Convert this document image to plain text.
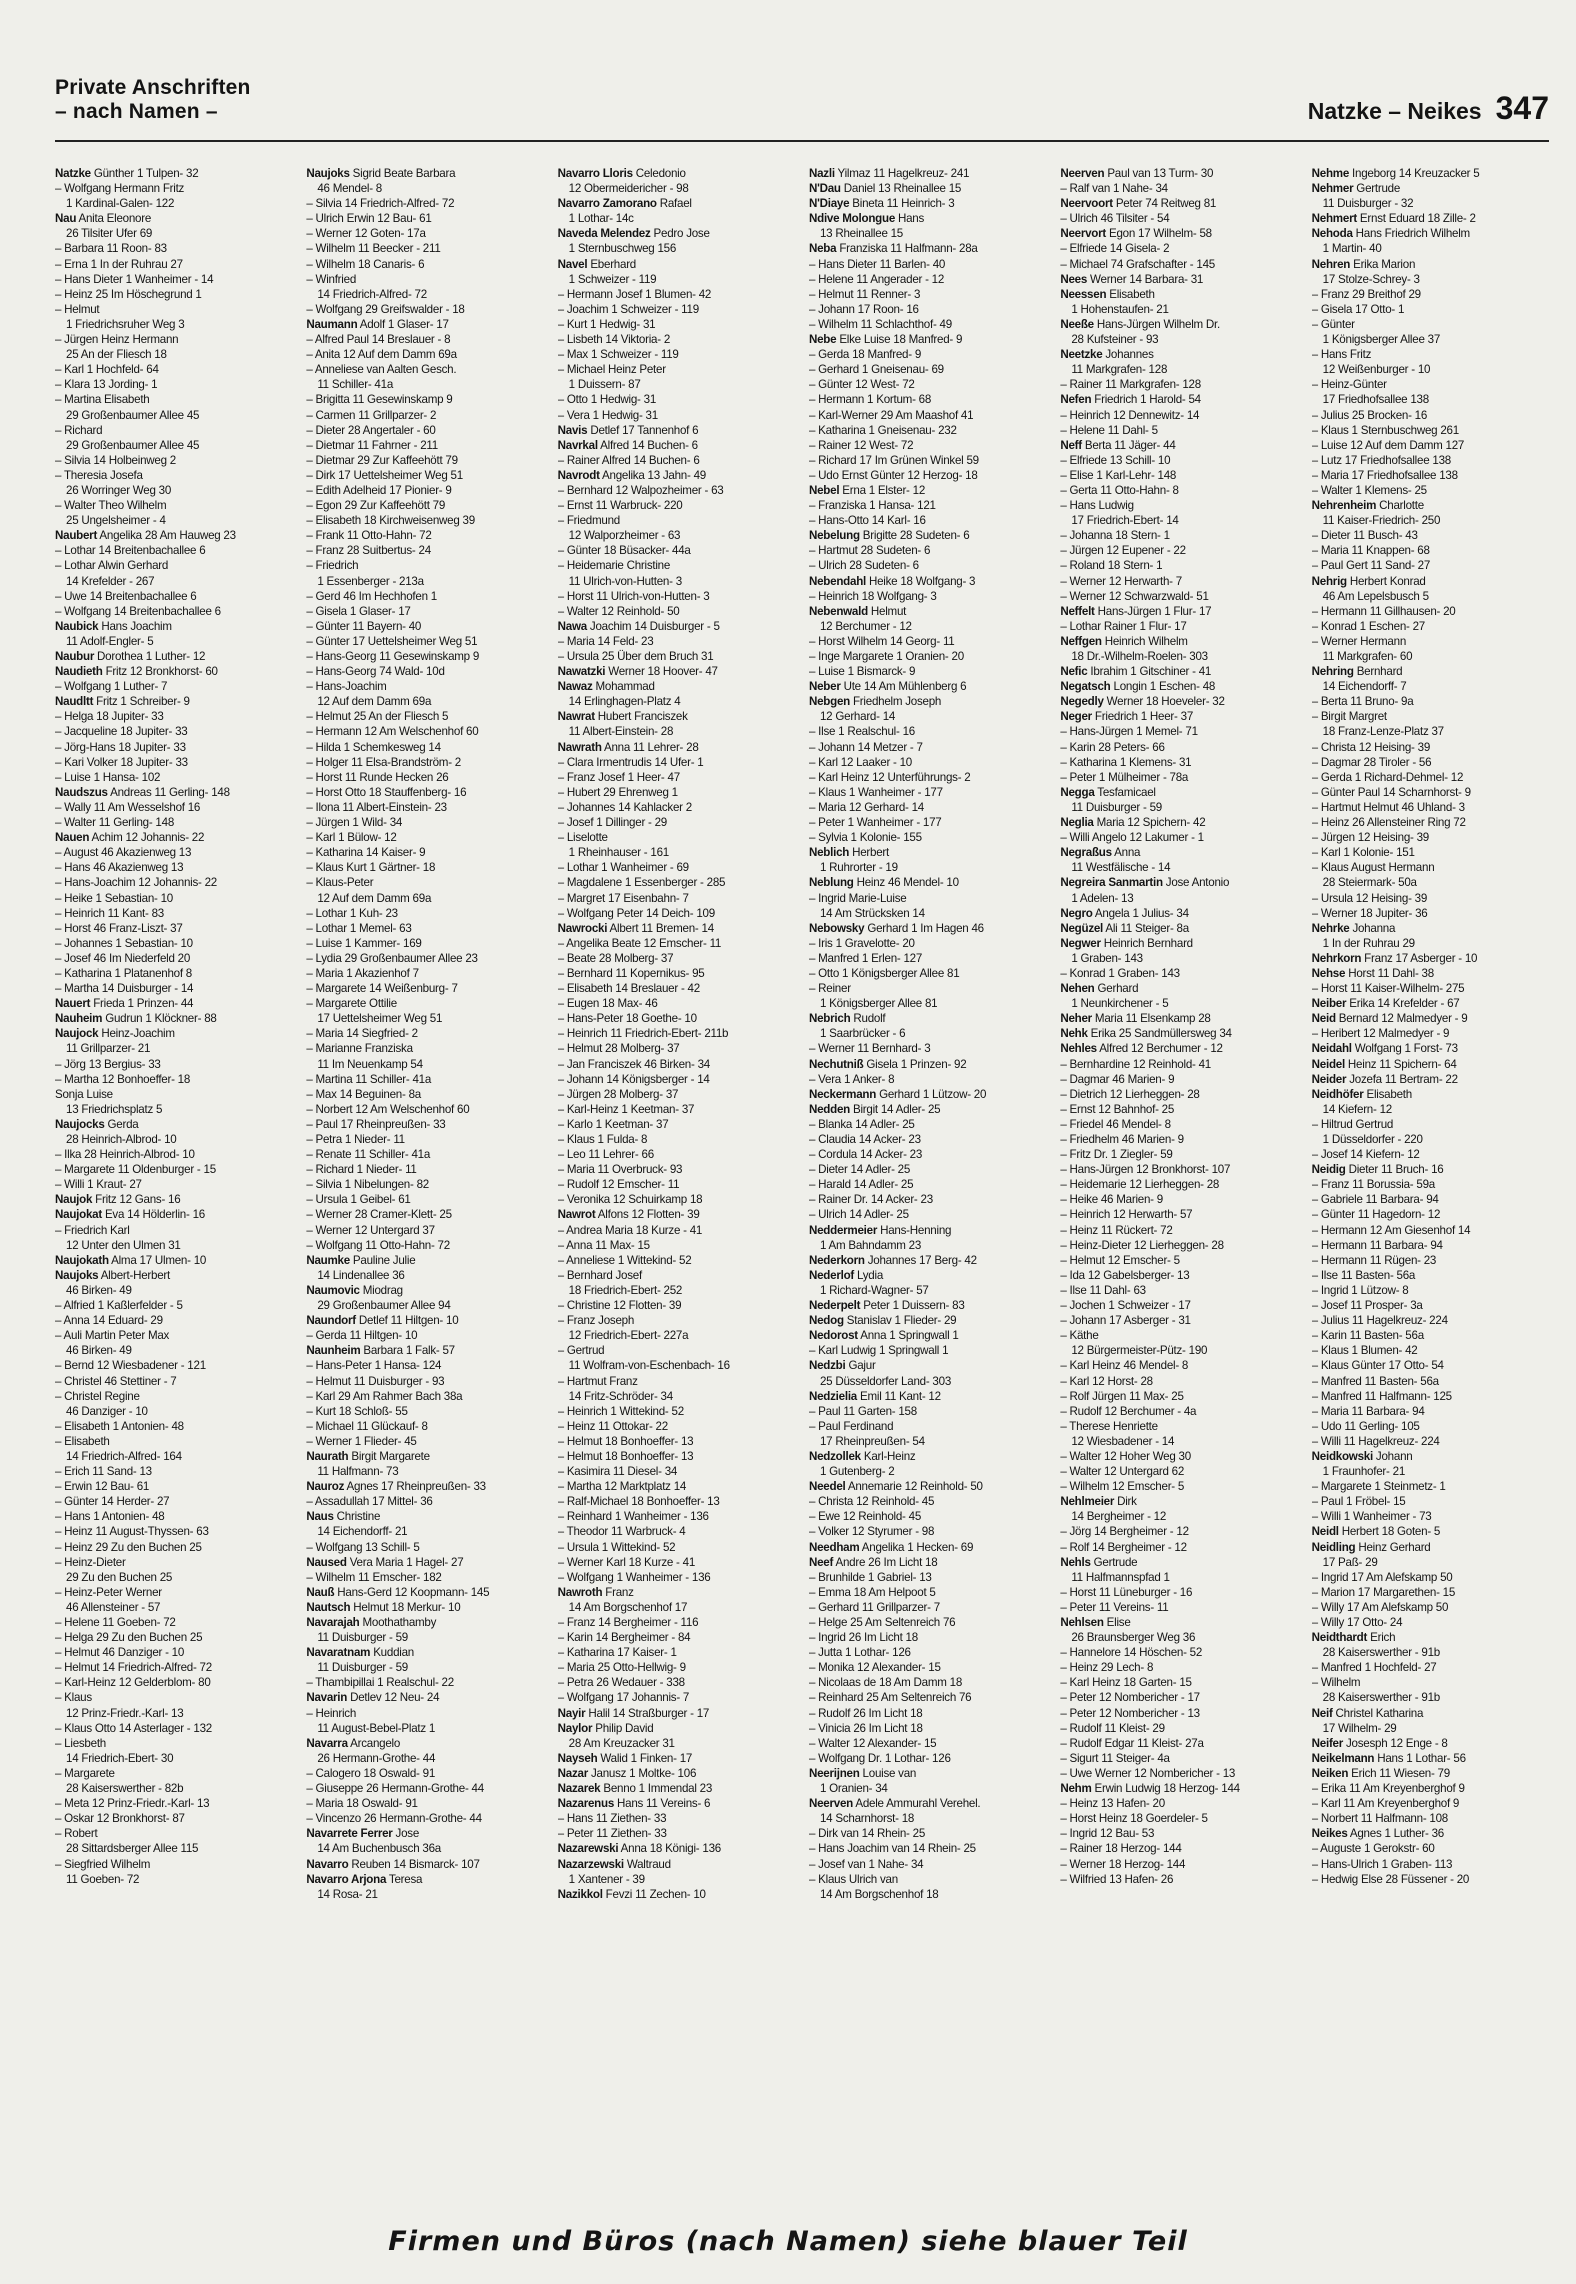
Private Anschriften
– nach Namen –	Natzke – Neikes 347
Natzke Günther 1 Tulpen- 32
– Wolfgang Hermann Fritz
1 Kardinal-Galen- 122
Nau Anita Eleonore
26 Tilsiter Ufer 69
– Barbara 11 Roon- 83
– Erna 1 In der Ruhrau 27
– Hans Dieter 1 Wanheimer - 14
– Heinz 25 Im Höschegrund 1
– Helmut
1 Friedrichsruher Weg 3
– Jürgen Heinz Hermann
25 An der Fliesch 18
– Karl 1 Hochfeld- 64
– Klara 13 Jording- 1
– Martina Elisabeth
29 Großenbaumer Allee 45
– Richard
29 Großenbaumer Allee 45
– Silvia 14 Holbeinweg 2
– Theresia Josefa
26 Worringer Weg 30
– Walter Theo Wilhelm
25 Ungelsheimer - 4
Naubert Angelika 28 Am Hauweg 23
– Lothar 14 Breitenbachallee 6
– Lothar Alwin Gerhard
14 Krefelder - 267
– Uwe 14 Breitenbachallee 6
– Wolfgang 14 Breitenbachallee 6
Naubick Hans Joachim
11 Adolf-Engler- 5
Naubur Dorothea 1 Luther- 12
Naudieth Fritz 12 Bronkhorst- 60
– Wolfgang 1 Luther- 7
Naudltt Fritz 1 Schreiber- 9
– Helga 18 Jupiter- 33
– Jacqueline 18 Jupiter- 33
– Jörg-Hans 18 Jupiter- 33
– Kari Volker 18 Jupiter- 33
– Luise 1 Hansa- 102
Naudszus Andreas 11 Gerling- 148
– Wally 11 Am Wesselshof 16
– Walter 11 Gerling- 148
Nauen Achim 12 Johannis- 22
– August 46 Akazienweg 13
– Hans 46 Akazienweg 13
– Hans-Joachim 12 Johannis- 22
– Heike 1 Sebastian- 10
– Heinrich 11 Kant- 83
– Horst 46 Franz-Liszt- 37
– Johannes 1 Sebastian- 10
– Josef 46 Im Niederfeld 20
– Katharina 1 Platanenhof 8
– Martha 14 Duisburger - 14
Nauert Frieda 1 Prinzen- 44
Nauheim Gudrun 1 Klöckner- 88
Naujock Heinz-Joachim
11 Grillparzer- 21
– Jörg 13 Bergius- 33
– Martha 12 Bonhoeffer- 18
Sonja Luise
13 Friedrichsplatz 5
Naujocks Gerda
28 Heinrich-Albrod- 10
– Ilka 28 Heinrich-Albrod- 10
– Margarete 11 Oldenburger - 15
– Willi 1 Kraut- 27
Naujok Fritz 12 Gans- 16
Naujokat Eva 14 Hölderlin- 16
– Friedrich Karl
12 Unter den Ulmen 31
Naujokath Alma 17 Ulmen- 10
Naujoks Albert-Herbert
46 Birken- 49
– Alfried 1 Kaßlerfelder - 5
– Anna 14 Eduard- 29
– Auli Martin Peter Max
46 Birken- 49
– Bernd 12 Wiesbadener - 121
– Christel 46 Stettiner - 7
– Christel Regine
46 Danziger - 10
– Elisabeth 1 Antonien- 48
– Elisabeth
14 Friedrich-Alfred- 164
– Erich 11 Sand- 13
– Erwin 12 Bau- 61
– Günter 14 Herder- 27
– Hans 1 Antonien- 48
– Heinz 11 August-Thyssen- 63
– Heinz 29 Zu den Buchen 25
– Heinz-Dieter
29 Zu den Buchen 25
– Heinz-Peter Werner
46 Allensteiner - 57
– Helene 11 Goeben- 72
– Helga 29 Zu den Buchen 25
– Helmut 46 Danziger - 10
– Helmut 14 Friedrich-Alfred- 72
– Karl-Heinz 12 Gelderblom- 80
– Klaus
12 Prinz-Friedr.-Karl- 13
– Klaus Otto 14 Asterlager - 132
– Liesbeth
14 Friedrich-Ebert- 30
– Margarete
28 Kaiserswerther - 82b
– Meta 12 Prinz-Friedr.-Karl- 13
– Oskar 12 Bronkhorst- 87
– Robert
28 Sittardsberger Allee 115
– Siegfried Wilhelm
11 Goeben- 72
Naujoks Sigrid Beate Barbara
46 Mendel- 8
– Silvia 14 Friedrich-Alfred- 72
– Ulrich Erwin 12 Bau- 61
– Werner 12 Goten- 17a
– Wilhelm 11 Beecker - 211
– Wilhelm 18 Canaris- 6
– Winfried
14 Friedrich-Alfred- 72
– Wolfgang 29 Greifswalder - 18
Naumann Adolf 1 Glaser- 17
– Alfred Paul 14 Breslauer - 8
– Anita 12 Auf dem Damm 69a
– Anneliese van Aalten Gesch.
11 Schiller- 41a
– Brigitta 11 Gesewinskamp 9
– Carmen 11 Grillparzer- 2
– Dieter 28 Angertaler - 60
– Dietmar 11 Fahrner - 211
– Dietmar 29 Zur Kaffeehött 79
– Dirk 17 Uettelsheimer Weg 51
– Edith Adelheid 17 Pionier- 9
– Egon 29 Zur Kaffeehött 79
– Elisabeth 18 Kirchweisenweg 39
– Frank 11 Otto-Hahn- 72
– Franz 28 Suitbertus- 24
– Friedrich
1 Essenberger - 213a
– Gerd 46 Im Hechhofen 1
– Gisela 1 Glaser- 17
– Günter 11 Bayern- 40
– Günter 17 Uettelsheimer Weg 51
– Hans-Georg 11 Gesewinskamp 9
– Hans-Georg 74 Wald- 10d
– Hans-Joachim
12 Auf dem Damm 69a
– Helmut 25 An der Fliesch 5
– Hermann 12 Am Welschenhof 60
– Hilda 1 Schemkesweg 14
– Holger 11 Elsa-Brandström- 2
– Horst 11 Runde Hecken 26
– Horst Otto 18 Stauffenberg- 16
– Ilona 11 Albert-Einstein- 23
– Jürgen 1 Wild- 34
– Karl 1 Bülow- 12
– Katharina 14 Kaiser- 9
– Klaus Kurt 1 Gärtner- 18
– Klaus-Peter
12 Auf dem Damm 69a
– Lothar 1 Kuh- 23
– Lothar 1 Memel- 63
– Luise 1 Kammer- 169
– Lydia 29 Großenbaumer Allee 23
– Maria 1 Akazienhof 7
– Margarete 14 Weißenburg- 7
– Margarete Ottilie
17 Uettelsheimer Weg 51
– Maria 14 Siegfried- 2
– Marianne Franziska
11 Im Neuenkamp 54
– Martina 11 Schiller- 41a
– Max 14 Beguinen- 8a
– Norbert 12 Am Welschenhof 60
– Paul 17 Rheinpreußen- 33
– Petra 1 Nieder- 11
– Renate 11 Schiller- 41a
– Richard 1 Nieder- 11
– Silvia 1 Nibelungen- 82
– Ursula 1 Geibel- 61
– Werner 28 Cramer-Klett- 25
– Werner 12 Untergard 37
– Wolfgang 11 Otto-Hahn- 72
Naumke Pauline Julie
14 Lindenallee 36
Naumovic Miodrag
29 Großenbaumer Allee 94
Naundorf Detlef 11 Hiltgen- 10
– Gerda 11 Hiltgen- 10
Naunheim Barbara 1 Falk- 57
– Hans-Peter 1 Hansa- 124
– Helmut 11 Duisburger - 93
– Karl 29 Am Rahmer Bach 38a
– Kurt 18 Schloß- 55
– Michael 11 Glückauf- 8
– Werner 1 Flieder- 45
Naurath Birgit Margarete
11 Halfmann- 73
Nauroz Agnes 17 Rheinpreußen- 33
– Assadullah 17 Mittel- 36
Naus Christine
14 Eichendorff- 21
– Wolfgang 13 Schill- 5
Naused Vera Maria 1 Hagel- 27
– Wilhelm 11 Emscher- 182
Nauß Hans-Gerd 12 Koopmann- 145
Nautsch Helmut 18 Merkur- 10
Navarajah Moothathamby
11 Duisburger - 59
Navaratnam Kuddian
11 Duisburger - 59
– Thambipillai 1 Realschul- 22
Navarin Detlev 12 Neu- 24
– Heinrich
11 August-Bebel-Platz 1
Navarra Arcangelo
26 Hermann-Grothe- 44
– Calogero 18 Oswald- 91
– Giuseppe 26 Hermann-Grothe- 44
– Maria 18 Oswald- 91
– Vincenzo 26 Hermann-Grothe- 44
Navarrete Ferrer Jose
14 Am Buchenbusch 36a
Navarro Reuben 14 Bismarck- 107
Navarro Arjona Teresa
14 Rosa- 21
Navarro Lloris Celedonio
12 Obermeidericher - 98
Navarro Zamorano Rafael
1 Lothar- 14c
Naveda Melendez Pedro Jose
1 Sternbuschweg 156
Navel Eberhard
1 Schweizer - 119
– Hermann Josef 1 Blumen- 42
– Joachim 1 Schweizer - 119
– Kurt 1 Hedwig- 31
– Lisbeth 14 Viktoria- 2
– Max 1 Schweizer - 119
– Michael Heinz Peter
1 Duissern- 87
– Otto 1 Hedwig- 31
– Vera 1 Hedwig- 31
Navis Detlef 17 Tannenhof 6
Navrkal Alfred 14 Buchen- 6
– Rainer Alfred 14 Buchen- 6
Navrodt Angelika 13 Jahn- 49
– Bernhard 12 Walpozheimer - 63
– Ernst 11 Warbruck- 220
– Friedmund
12 Walporzheimer - 63
– Günter 18 Büsacker- 44a
– Heidemarie Christine
11 Ulrich-von-Hutten- 3
– Horst 11 Ulrich-von-Hutten- 3
– Walter 12 Reinhold- 50
Nawa Joachim 14 Duisburger - 5
– Maria 14 Feld- 23
– Ursula 25 Über dem Bruch 31
Nawatzki Werner 18 Hoover- 47
Nawaz Mohammad
14 Erlinghagen-Platz 4
Nawrat Hubert Franciszek
11 Albert-Einstein- 28
Nawrath Anna 11 Lehrer- 28
– Clara Irmentrudis 14 Ufer- 1
– Franz Josef 1 Heer- 47
– Hubert 29 Ehrenweg 1
– Johannes 14 Kahlacker 2
– Josef 1 Dillinger - 29
– Liselotte
1 Rheinhauser - 161
– Lothar 1 Wanheimer - 69
– Magdalene 1 Essenberger - 285
– Margret 17 Eisenbahn- 7
– Wolfgang Peter 14 Deich- 109
Nawrocki Albert 11 Bremen- 14
– Angelika Beate 12 Emscher- 11
– Beate 28 Molberg- 37
– Bernhard 11 Kopernikus- 95
– Elisabeth 14 Breslauer - 42
– Eugen 18 Max- 46
– Hans-Peter 18 Goethe- 10
– Heinrich 11 Friedrich-Ebert- 211b
– Helmut 28 Molberg- 37
– Jan Franciszek 46 Birken- 34
– Johann 14 Königsberger - 14
– Jürgen 28 Molberg- 37
– Karl-Heinz 1 Keetman- 37
– Karlo 1 Keetman- 37
– Klaus 1 Fulda- 8
– Leo 11 Lehrer- 66
– Maria 11 Overbruck- 93
– Rudolf 12 Emscher- 11
– Veronika 12 Schuirkamp 18
Nawrot Alfons 12 Flotten- 39
– Andrea Maria 18 Kurze - 41
– Anna 11 Max- 15
– Anneliese 1 Wittekind- 52
– Bernhard Josef
18 Friedrich-Ebert- 252
– Christine 12 Flotten- 39
– Franz Joseph
12 Friedrich-Ebert- 227a
– Gertrud
11 Wolfram-von-Eschenbach- 16
– Hartmut Franz
14 Fritz-Schröder- 34
– Heinrich 1 Wittekind- 52
– Heinz 11 Ottokar- 22
– Helmut 18 Bonhoeffer- 13
– Helmut 18 Bonhoeffer- 13
– Kasimira 11 Diesel- 34
– Martha 12 Marktplatz 14
– Ralf-Michael 18 Bonhoeffer- 13
– Reinhard 1 Wanheimer - 136
– Theodor 11 Warbruck- 4
– Ursula 1 Wittekind- 52
– Werner Karl 18 Kurze - 41
– Wolfgang 1 Wanheimer - 136
Nawroth Franz
14 Am Borgschenhof 17
– Franz 14 Bergheimer - 116
– Karin 14 Bergheimer - 84
– Katharina 17 Kaiser- 1
– Maria 25 Otto-Hellwig- 9
– Petra 26 Wedauer - 338
– Wolfgang 17 Johannis- 7
Nayir Halil 14 Straßburger - 17
Naylor Philip David
28 Am Kreuzacker 31
Nayseh Walid 1 Finken- 17
Nazar Janusz 1 Moltke- 106
Nazarek Benno 1 Immendal 23
Nazarenus Hans 11 Vereins- 6
– Hans 11 Ziethen- 33
– Peter 11 Ziethen- 33
Nazarewski Anna 18 Königi- 136
Nazarzewski Waltraud
1 Xantener - 39
Nazikkol Fevzi 11 Zechen- 10
Nazli Yilmaz 11 Hagelkreuz- 241
N'Dau Daniel 13 Rheinallee 15
N'Diaye Bineta 11 Heinrich- 3
Ndive Molongue Hans
13 Rheinallee 15
Neba Franziska 11 Halfmann- 28a
– Hans Dieter 11 Barlen- 40
– Helene 11 Angerader - 12
– Helmut 11 Renner- 3
– Johann 17 Roon- 16
– Wilhelm 11 Schlachthof- 49
Nebe Elke Luise 18 Manfred- 9
– Gerda 18 Manfred- 9
– Gerhard 1 Gneisenau- 69
– Günter 12 West- 72
– Hermann 1 Kortum- 68
– Karl-Werner 29 Am Maashof 41
– Katharina 1 Gneisenau- 232
– Rainer 12 West- 72
– Richard 17 Im Grünen Winkel 59
– Udo Ernst Günter 12 Herzog- 18
Nebel Erna 1 Elster- 12
– Franziska 1 Hansa- 121
– Hans-Otto 14 Karl- 16
Nebelung Brigitte 28 Sudeten- 6
– Hartmut 28 Sudeten- 6
– Ulrich 28 Sudeten- 6
Nebendahl Heike 18 Wolfgang- 3
– Heinrich 18 Wolfgang- 3
Nebenwald Helmut
12 Berchumer - 12
– Horst Wilhelm 14 Georg- 11
– Inge Margarete 1 Oranien- 20
– Luise 1 Bismarck- 9
Neber Ute 14 Am Mühlenberg 6
Nebgen Friedhelm Joseph
12 Gerhard- 14
– Ilse 1 Realschul- 16
– Johann 14 Metzer - 7
– Karl 12 Laaker - 10
– Karl Heinz 12 Unterführungs- 2
– Klaus 1 Wanheimer - 177
– Maria 12 Gerhard- 14
– Peter 1 Wanheimer - 177
– Sylvia 1 Kolonie- 155
Neblich Herbert
1 Ruhrorter - 19
Neblung Heinz 46 Mendel- 10
– Ingrid Marie-Luise
14 Am Strücksken 14
Nebowsky Gerhard 1 Im Hagen 46
– Iris 1 Gravelotte- 20
– Manfred 1 Erlen- 127
– Otto 1 Königsberger Allee 81
– Reiner
1 Königsberger Allee 81
Nebrich Rudolf
1 Saarbrücker - 6
– Werner 11 Bernhard- 3
Nechutniß Gisela 1 Prinzen- 92
– Vera 1 Anker- 8
Neckermann Gerhard 1 Lützow- 20
Nedden Birgit 14 Adler- 25
– Blanka 14 Adler- 25
– Claudia 14 Acker- 23
– Cordula 14 Acker- 23
– Dieter 14 Adler- 25
– Harald 14 Adler- 25
– Rainer Dr. 14 Acker- 23
– Ulrich 14 Adler- 25
Neddermeier Hans-Henning
1 Am Bahndamm 23
Nederkorn Johannes 17 Berg- 42
Nederlof Lydia
1 Richard-Wagner- 57
Nederpelt Peter 1 Duissern- 83
Nedog Stanislav 1 Flieder- 29
Nedorost Anna 1 Springwall 1
– Karl Ludwig 1 Springwall 1
Nedzbi Gajur
25 Düsseldorfer Land- 303
Nedzielia Emil 11 Kant- 12
– Paul 11 Garten- 158
– Paul Ferdinand
17 Rheinpreußen- 54
Nedzollek Karl-Heinz
1 Gutenberg- 2
Needel Annemarie 12 Reinhold- 50
– Christa 12 Reinhold- 45
– Ewe 12 Reinhold- 45
– Volker 12 Styrumer - 98
Needham Angelika 1 Hecken- 69
Neef Andre 26 Im Licht 18
– Brunhilde 1 Gabriel- 13
– Emma 18 Am Helpoot 5
– Gerhard 11 Grillparzer- 7
– Helge 25 Am Seltenreich 76
– Ingrid 26 Im Licht 18
– Jutta 1 Lothar- 126
– Monika 12 Alexander- 15
– Nicolaas de 18 Am Damm 18
– Reinhard 25 Am Seltenreich 76
– Rudolf 26 Im Licht 18
– Vinicia 26 Im Licht 18
– Walter 12 Alexander- 15
– Wolfgang Dr. 1 Lothar- 126
Neerijnen Louise van
1 Oranien- 34
Neerven Adele Ammurahl Verehel.
14 Scharnhorst- 18
– Dirk van 14 Rhein- 25
– Hans Joachim van 14 Rhein- 25
– Josef van 1 Nahe- 34
– Klaus Ulrich van
14 Am Borgschenhof 18
Neerven Paul van 13 Turm- 30
– Ralf van 1 Nahe- 34
Neervoort Peter 74 Reitweg 81
– Ulrich 46 Tilsiter - 54
Neervort Egon 17 Wilhelm- 58
– Elfriede 14 Gisela- 2
– Michael 74 Grafschafter - 145
Nees Werner 14 Barbara- 31
Neessen Elisabeth
1 Hohenstaufen- 21
Neeße Hans-Jürgen Wilhelm Dr.
28 Kufsteiner - 93
Neetzke Johannes
11 Markgrafen- 128
– Rainer 11 Markgrafen- 128
Nefen Friedrich 1 Harold- 54
– Heinrich 12 Dennewitz- 14
– Helene 11 Dahl- 5
Neff Berta 11 Jäger- 44
– Elfriede 13 Schill- 10
– Elise 1 Karl-Lehr- 148
– Gerta 11 Otto-Hahn- 8
– Hans Ludwig
17 Friedrich-Ebert- 14
– Johanna 18 Stern- 1
– Jürgen 12 Eupener - 22
– Roland 18 Stern- 1
– Werner 12 Herwarth- 7
– Werner 12 Schwarzwald- 51
Neffelt Hans-Jürgen 1 Flur- 17
– Lothar Rainer 1 Flur- 17
Neffgen Heinrich Wilhelm
18 Dr.-Wilhelm-Roelen- 303
Nefic Ibrahim 1 Gitschiner - 41
Negatsch Longin 1 Eschen- 48
Negedly Werner 18 Hoeveler- 32
Neger Friedrich 1 Heer- 37
– Hans-Jürgen 1 Memel- 71
– Karin 28 Peters- 66
– Katharina 1 Klemens- 31
– Peter 1 Mülheimer - 78a
Negga Tesfamicael
11 Duisburger - 59
Neglia Maria 12 Spichern- 42
– Willi Angelo 12 Lakumer - 1
Negraßus Anna
11 Westfälische - 14
Negreira Sanmartin Jose Antonio
1 Adelen- 13
Negro Angela 1 Julius- 34
Negüzel Ali 11 Steiger- 8a
Negwer Heinrich Bernhard
1 Graben- 143
– Konrad 1 Graben- 143
Nehen Gerhard
1 Neunkirchener - 5
Neher Maria 11 Elsenkamp 28
Nehk Erika 25 Sandmüllersweg 34
Nehles Alfred 12 Berchumer - 12
– Bernhardine 12 Reinhold- 41
– Dagmar 46 Marien- 9
– Dietrich 12 Lierheggen- 28
– Ernst 12 Bahnhof- 25
– Friedel 46 Mendel- 8
– Friedhelm 46 Marien- 9
– Fritz Dr. 1 Ziegler- 59
– Hans-Jürgen 12 Bronkhorst- 107
– Heidemarie 12 Lierheggen- 28
– Heike 46 Marien- 9
– Heinrich 12 Herwarth- 57
– Heinz 11 Rückert- 72
– Heinz-Dieter 12 Lierheggen- 28
– Helmut 12 Emscher- 5
– Ida 12 Gabelsberger- 13
– Ilse 11 Dahl- 63
– Jochen 1 Schweizer - 17
– Johann 17 Asberger - 31
– Käthe
12 Bürgermeister-Pütz- 190
– Karl Heinz 46 Mendel- 8
– Karl 12 Horst- 28
– Rolf Jürgen 11 Max- 25
– Rudolf 12 Berchumer - 4a
– Therese Henriette
12 Wiesbadener - 14
– Walter 12 Hoher Weg 30
– Walter 12 Untergard 62
– Wilhelm 12 Emscher- 5
Nehlmeier Dirk
14 Bergheimer - 12
– Jörg 14 Bergheimer - 12
– Rolf 14 Bergheimer - 12
Nehls Gertrude
11 Halfmannspfad 1
– Horst 11 Lüneburger - 16
– Peter 11 Vereins- 11
Nehlsen Elise
26 Braunsberger Weg 36
– Hannelore 14 Höschen- 52
– Heinz 29 Lech- 8
– Karl Heinz 18 Garten- 15
– Peter 12 Nombericher - 17
– Peter 12 Nombericher - 13
– Rudolf 11 Kleist- 29
– Rudolf Edgar 11 Kleist- 27a
– Sigurt 11 Steiger- 4a
– Uwe Werner 12 Nombericher - 13
Nehm Erwin Ludwig 18 Herzog- 144
– Heinz 13 Hafen- 20
– Horst Heinz 18 Goerdeler- 5
– Ingrid 12 Bau- 53
– Rainer 18 Herzog- 144
– Werner 18 Herzog- 144
– Wilfried 13 Hafen- 26
Nehme Ingeborg 14 Kreuzacker 5
Nehmer Gertrude
11 Duisburger - 32
Nehmert Ernst Eduard 18 Zille- 2
Nehoda Hans Friedrich Wilhelm
1 Martin- 40
Nehren Erika Marion
17 Stolze-Schrey- 3
– Franz 29 Breithof 29
– Gisela 17 Otto- 1
– Günter
1 Königsberger Allee 37
– Hans Fritz
12 Weißenburger - 10
– Heinz-Günter
17 Friedhofsallee 138
– Julius 25 Brocken- 16
– Klaus 1 Sternbuschweg 261
– Luise 12 Auf dem Damm 127
– Lutz 17 Friedhofsallee 138
– Maria 17 Friedhofsallee 138
– Walter 1 Klemens- 25
Nehrenheim Charlotte
11 Kaiser-Friedrich- 250
– Dieter 11 Busch- 43
– Maria 11 Knappen- 68
– Paul Gert 11 Sand- 27
Nehrig Herbert Konrad
46 Am Lepelsbusch 5
– Hermann 11 Gillhausen- 20
– Konrad 1 Eschen- 27
– Werner Hermann
11 Markgrafen- 60
Nehring Bernhard
14 Eichendorff- 7
– Berta 11 Bruno- 9a
– Birgit Margret
18 Franz-Lenze-Platz 37
– Christa 12 Heising- 39
– Dagmar 28 Tiroler - 56
– Gerda 1 Richard-Dehmel- 12
– Günter Paul 14 Scharnhorst- 9
– Hartmut Helmut 46 Uhland- 3
– Heinz 26 Allensteiner Ring 72
– Jürgen 12 Heising- 39
– Karl 1 Kolonie- 151
– Klaus August Hermann
28 Steiermark- 50a
– Ursula 12 Heising- 39
– Werner 18 Jupiter- 36
Nehrke Johanna
1 In der Ruhrau 29
Nehrkorn Franz 17 Asberger - 10
Nehse Horst 11 Dahl- 38
– Horst 11 Kaiser-Wilhelm- 275
Neiber Erika 14 Krefelder - 67
Neid Bernard 12 Malmedyer - 9
– Heribert 12 Malmedyer - 9
Neidahl Wolfgang 1 Forst- 73
Neidel Heinz 11 Spichern- 64
Neider Jozefa 11 Bertram- 22
Neidhöfer Elisabeth
14 Kiefern- 12
– Hiltrud Gertrud
1 Düsseldorfer - 220
– Josef 14 Kiefern- 12
Neidig Dieter 11 Bruch- 16
– Franz 11 Borussia- 59a
– Gabriele 11 Barbara- 94
– Günter 11 Hagedorn- 12
– Hermann 12 Am Giesenhof 14
– Hermann 11 Barbara- 94
– Hermann 11 Rügen- 23
– Ilse 11 Basten- 56a
– Ingrid 1 Lützow- 8
– Josef 11 Prosper- 3a
– Julius 11 Hagelkreuz- 224
– Karin 11 Basten- 56a
– Klaus 1 Blumen- 42
– Klaus Günter 17 Otto- 54
– Manfred 11 Basten- 56a
– Manfred 11 Halfmann- 125
– Maria 11 Barbara- 94
– Udo 11 Gerling- 105
– Willi 11 Hagelkreuz- 224
Neidkowski Johann
1 Fraunhofer- 21
– Margarete 1 Steinmetz- 1
– Paul 1 Fröbel- 15
– Willi 1 Wanheimer - 73
Neidl Herbert 18 Goten- 5
Neidling Heinz Gerhard
17 Paß- 29
– Ingrid 17 Am Alefskamp 50
– Marion 17 Margarethen- 15
– Willy 17 Am Alefskamp 50
– Willy 17 Otto- 24
Neidthardt Erich
28 Kaiserswerther - 91b
– Manfred 1 Hochfeld- 27
– Wilhelm
28 Kaiserswerther - 91b
Neif Christel Katharina
17 Wilhelm- 29
Neifer Josesph 12 Enge - 8
Neikelmann Hans 1 Lothar- 56
Neiken Erich 11 Wiesen- 79
– Erika 11 Am Kreyenberghof 9
– Karl 11 Am Kreyenberghof 9
– Norbert 11 Halfmann- 108
Neikes Agnes 1 Luther- 36
– Auguste 1 Gerokstr- 60
– Hans-Ulrich 1 Graben- 113
– Hedwig Else 28 Füssener - 20
Firmen und Büros (nach Namen) siehe blauer Teil
